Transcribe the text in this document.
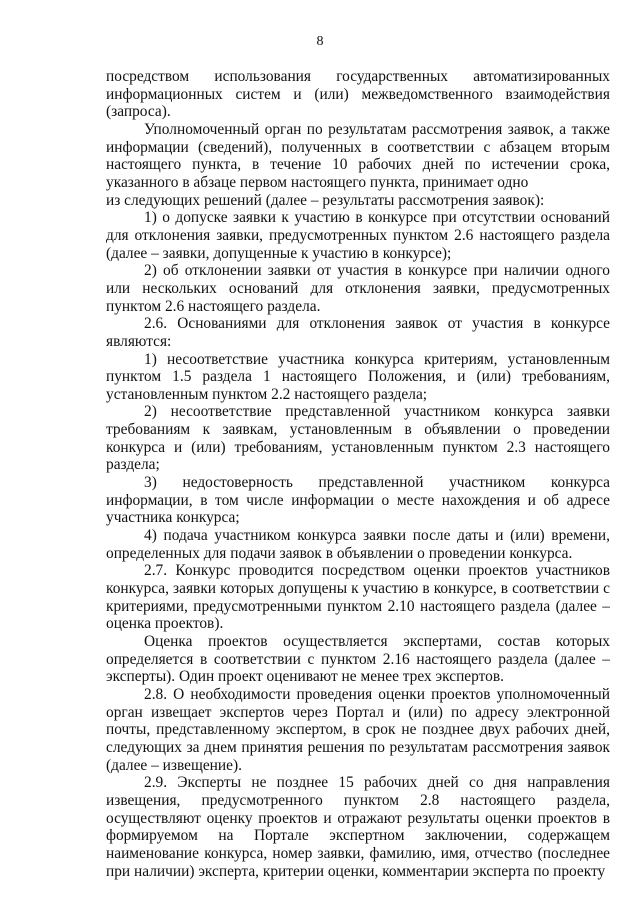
8

посредством использования государственных автоматизированных информационных систем и (или) межведомственного взаимодействия (запроса).

Уполномоченный орган по результатам рассмотрения заявок, а также информации (сведений), полученных в соответствии с абзацем вторым настоящего пункта, в течение 10 рабочих дней по истечении срока, указанного в абзаце первом настоящего пункта, принимает одно

из следующих решений (далее – результаты рассмотрения заявок):

1) о допуске заявки к участию в конкурсе при отсутствии оснований для отклонения заявки, предусмотренных пунктом 2.6 настоящего раздела (далее – заявки, допущенные к участию в конкурсе);

2) об отклонении заявки от участия в конкурсе при наличии одного или нескольких оснований для отклонения заявки, предусмотренных пунктом 2.6 настоящего раздела.

2.6. Основаниями для отклонения заявок от участия в конкурсе являются:

1) несоответствие участника конкурса критериям, установленным пунктом 1.5 раздела 1 настоящего Положения, и (или) требованиям, установленным пунктом 2.2 настоящего раздела;

2) несоответствие представленной участником конкурса заявки требованиям к заявкам, установленным в объявлении о проведении конкурса и (или) требованиям, установленным пунктом 2.3 настоящего раздела;

3) недостоверность представленной участником конкурса информации, в том числе информации о месте нахождения и об адресе участника конкурса;

4) подача участником конкурса заявки после даты и (или) времени, определенных для подачи заявок в объявлении о проведении конкурса.

2.7. Конкурс проводится посредством оценки проектов участников конкурса, заявки которых допущены к участию в конкурсе, в соответствии с критериями, предусмотренными пунктом 2.10 настоящего раздела (далее – оценка проектов).

Оценка проектов осуществляется экспертами, состав которых определяется в соответствии с пунктом 2.16 настоящего раздела (далее – эксперты). Один проект оценивают не менее трех экспертов.

2.8. О необходимости проведения оценки проектов уполномоченный орган извещает экспертов через Портал и (или) по адресу электронной почты, представленному экспертом, в срок не позднее двух рабочих дней, следующих за днем принятия решения по результатам рассмотрения заявок (далее – извещение).

2.9. Эксперты не позднее 15 рабочих дней со дня направления извещения, предусмотренного пунктом 2.8 настоящего раздела, осуществляют оценку проектов и отражают результаты оценки проектов в формируемом на Портале экспертном заключении, содержащем наименование конкурса, номер заявки, фамилию, имя, отчество (последнее при наличии) эксперта, критерии оценки, комментарии эксперта по проекту
